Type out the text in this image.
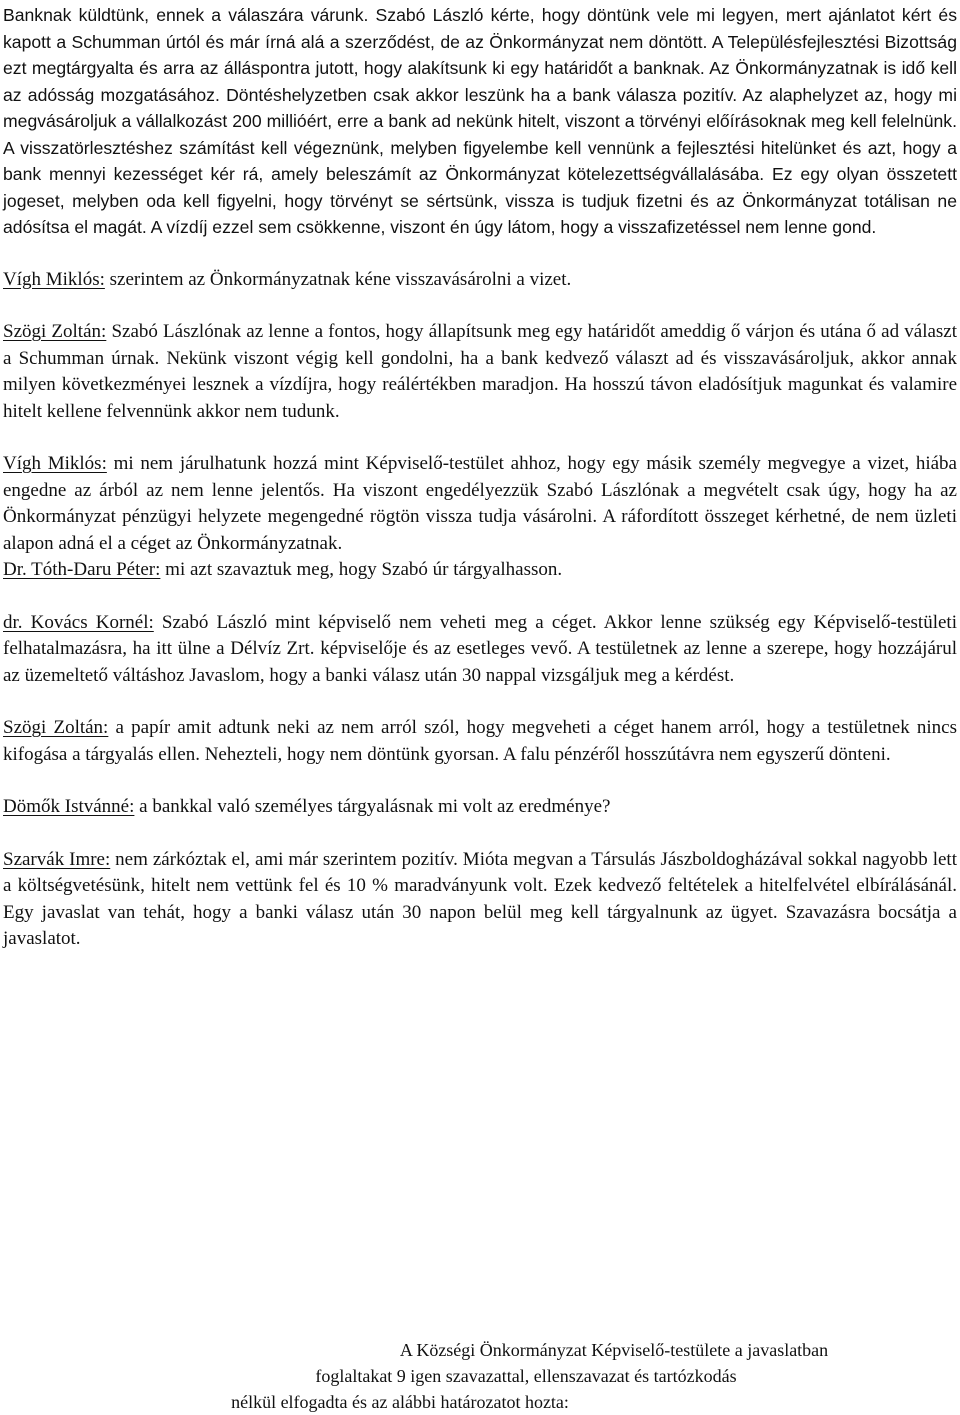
Banknak küldtünk, ennek a válaszára várunk. Szabó László kérte, hogy döntünk vele mi legyen, mert ajánlatot kért és kapott a Schumman úrtól és már írná alá a szerződést, de az Önkormányzat nem döntött. A Településfejlesztési Bizottság ezt megtárgyalta és arra az álláspontra jutott, hogy alakítsunk ki egy határidőt a banknak. Az Önkormányzatnak is idő kell az adósság mozgatásához. Döntéshelyzetben csak akkor leszünk ha a bank válasza pozitív. Az alaphelyzet az, hogy mi megvásároljuk a vállalkozást 200 millióért, erre a bank ad nekünk hitelt, viszont a törvényi előírásoknak meg kell felelnünk. A visszatörlesztéshez számítást kell végeznünk, melyben figyelembe kell vennünk a fejlesztési hitelünket és azt, hogy a bank mennyi kezességet kér rá, amely beleszámít az Önkormányzat kötelezettségvállalásába. Ez egy olyan összetett jogeset, melyben oda kell figyelni, hogy törvényt se sértsünk, vissza is tudjuk fizetni és az Önkormányzat totálisan ne adósítsa el magát. A vízdíj ezzel sem csökkenne, viszont én úgy látom, hogy a visszafizetéssel nem lenne gond.

Vígh Miklós: szerintem az Önkormányzatnak kéne visszavásárolni a vizet.

Szögi Zoltán: Szabó Lászlónak az lenne a fontos, hogy állapítsunk meg egy határidőt ameddig ő várjon és utána ő ad választ a Schumman úrnak. Nekünk viszont végig kell gondolni, ha a bank kedvező választ ad és visszavásároljuk, akkor annak milyen következményei lesznek a vízdíjra, hogy reálértékben maradjon. Ha hosszú távon eladósítjuk magunkat és valamire hitelt kellene felvennünk akkor nem tudunk.

Vígh Miklós: mi nem járulhatunk hozzá mint Képviselő-testület ahhoz, hogy egy másik személy megvegye a vizet, hiába engedne az árból az nem lenne jelentős. Ha viszont engedélyezzük Szabó Lászlónak a megvételt csak úgy, hogy ha az Önkormányzat pénzügyi helyzete megengedné rögtön vissza tudja vásárolni. A ráfordított összeget kérhetné, de nem üzleti alapon adná el a céget az Önkormányzatnak.

Dr. Tóth-Daru Péter: mi azt szavaztuk meg, hogy Szabó úr tárgyalhasson.

dr. Kovács Kornél: Szabó László mint képviselő nem veheti meg a céget. Akkor lenne szükség egy Képviselő-testületi felhatalmazásra, ha itt ülne a Délvíz Zrt. képviselője és az esetleges vevő. A testületnek az lenne a szerepe, hogy hozzájárul az üzemeltető váltáshoz Javaslom, hogy a banki válasz után 30 nappal vizsgáljuk meg a kérdést.

Szögi Zoltán: a papír amit adtunk neki az nem arról szól, hogy megveheti a céget hanem arról, hogy a testületnek nincs kifogása a tárgyalás ellen. Nehezteli, hogy nem döntünk gyorsan. A falu pénzéről hosszútávra nem egyszerű dönteni.

Dömők Istvánné: a bankkal való személyes tárgyalásnak mi volt az eredménye?

Szarvák Imre: nem zárkóztak el, ami már szerintem pozitív. Mióta megvan a Társulás Jászboldogházával sokkal nagyobb lett a költségvetésünk, hitelt nem vettünk fel és 10 % maradványunk volt. Ezek kedvező feltételek a hitelfelvétel elbírálásánál. Egy javaslat van tehát, hogy a banki válasz után 30 napon belül meg kell tárgyalnunk az ügyet. Szavazásra bocsátja a javaslatot.

A Községi Önkormányzat Képviselő-testülete a javaslatban
foglaltakat 9 igen szavazattal, ellenszavazat és tartózkodás
nélkül elfogadta és az alábbi határozatot hozta:
